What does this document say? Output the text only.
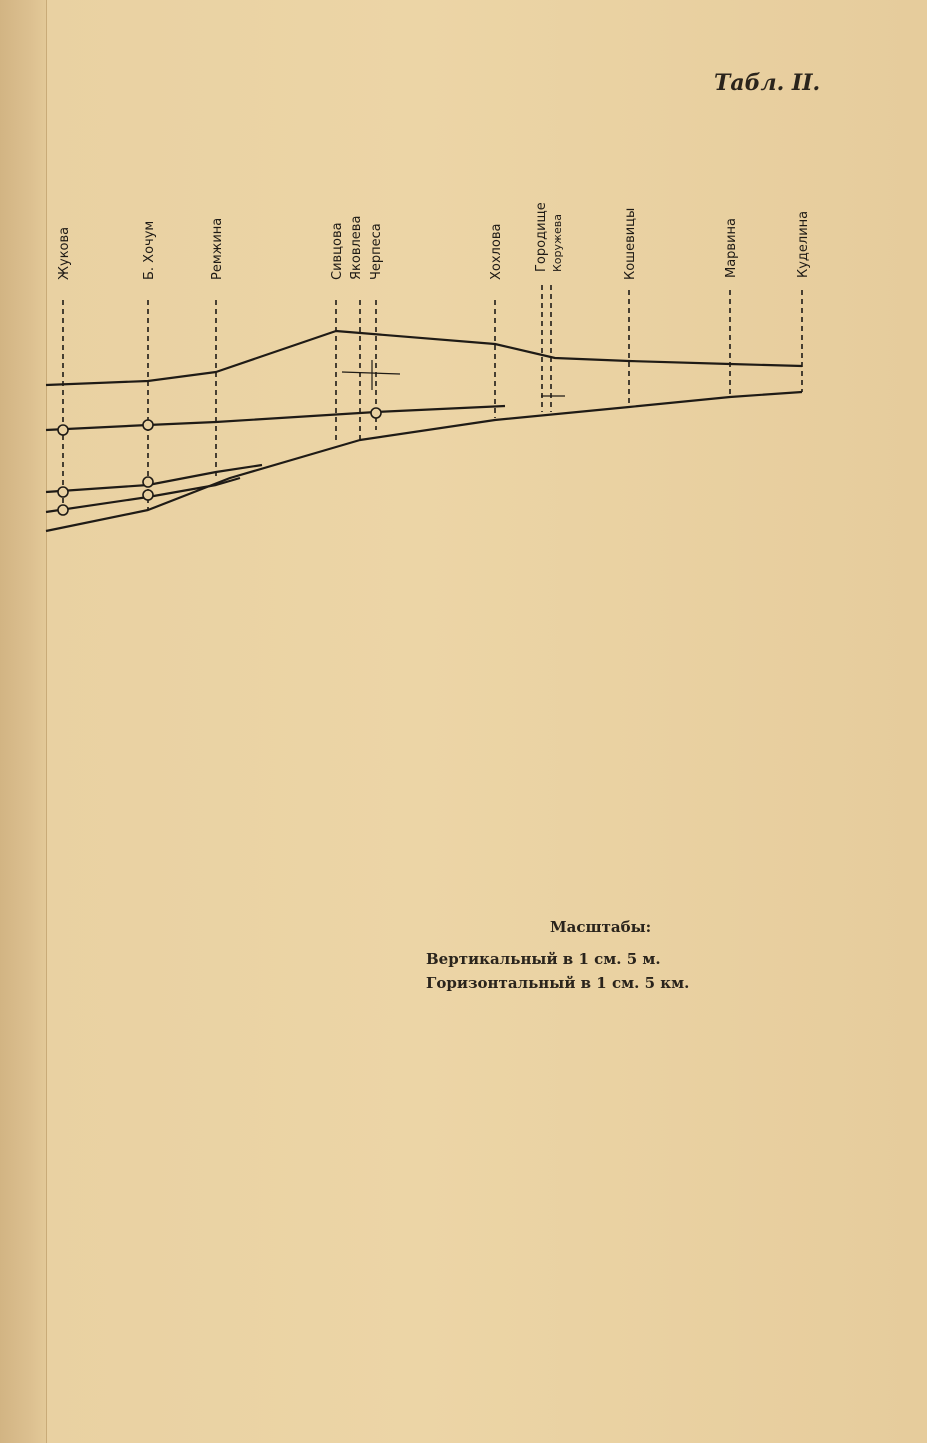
Табл. II.
Жукова	Б. Хочум	Ремжина	Сивцова Яковлева Черпеса	Хохлова Городище Коружева	Кошевицы	Марвина	Куделина
Масштабы:
Вертикальный в 1 см. 5 м.
Горизонтальный в 1 см. 5 км.
